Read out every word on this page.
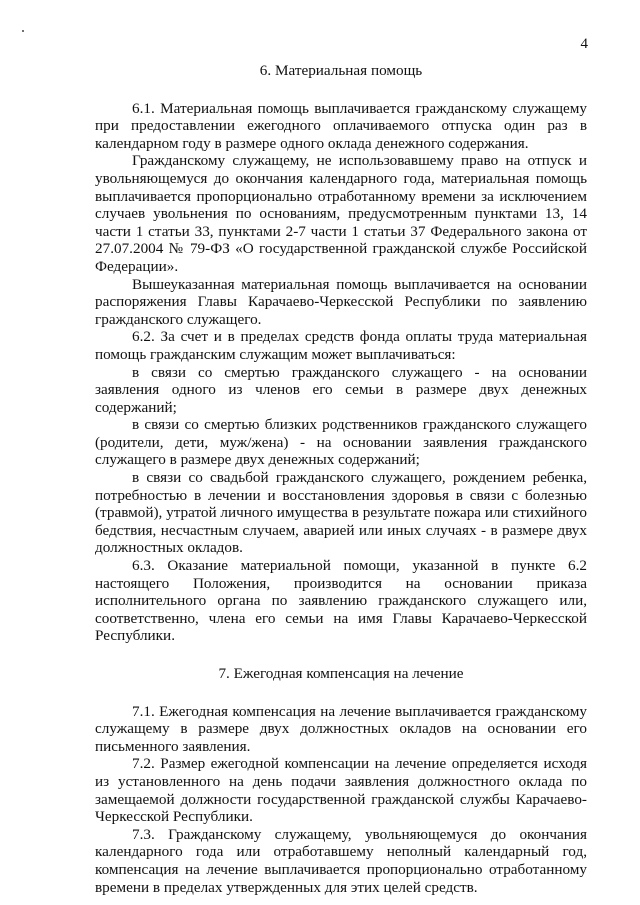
4
6. Материальная помощь

6.1. Материальная помощь выплачивается гражданскому служащему при предоставлении ежегодного оплачиваемого отпуска один раз в календарном году в размере одного оклада денежного содержания.

Гражданскому служащему, не использовавшему право на отпуск и увольняющемуся до окончания календарного года, материальная помощь выплачивается пропорционально отработанному времени за исключением случаев увольнения по основаниям, предусмотренным пунктами 13, 14 части 1 статьи 33, пунктами 2-7 части 1 статьи 37 Федерального закона от 27.07.2004 № 79-ФЗ «О государственной гражданской службе Российской Федерации».

Вышеуказанная материальная помощь выплачивается на основании распоряжения Главы Карачаево-Черкесской Республики по заявлению гражданского служащего.

6.2. За счет и в пределах средств фонда оплаты труда материальная помощь гражданским служащим может выплачиваться:

в связи со смертью гражданского служащего - на основании заявления одного из членов его семьи в размере двух денежных содержаний;

в связи со смертью близких родственников гражданского служащего (родители, дети, муж/жена) - на основании заявления гражданского служащего в размере двух денежных содержаний;

в связи со свадьбой гражданского служащего, рождением ребенка, потребностью в лечении и восстановления здоровья в связи с болезнью (травмой), утратой личного имущества в результате пожара или стихийного бедствия, несчастным случаем, аварией или иных случаях - в размере двух должностных окладов.

6.3. Оказание материальной помощи, указанной в пункте 6.2 настоящего Положения, производится на основании приказа исполнительного органа по заявлению гражданского служащего или, соответственно, члена его семьи на имя Главы Карачаево-Черкесской Республики.

7. Ежегодная компенсация на лечение

7.1. Ежегодная компенсация на лечение выплачивается гражданскому служащему в размере двух должностных окладов на основании его письменного заявления.

7.2. Размер ежегодной компенсации на лечение определяется исходя из установленного на день подачи заявления должностного оклада по замещаемой должности государственной гражданской службы Карачаево-Черкесской Республики.

7.3. Гражданскому служащему, увольняющемуся до окончания календарного года или отработавшему неполный календарный год, компенсация на лечение выплачивается пропорционально отработанному времени в пределах утвержденных для этих целей средств.
